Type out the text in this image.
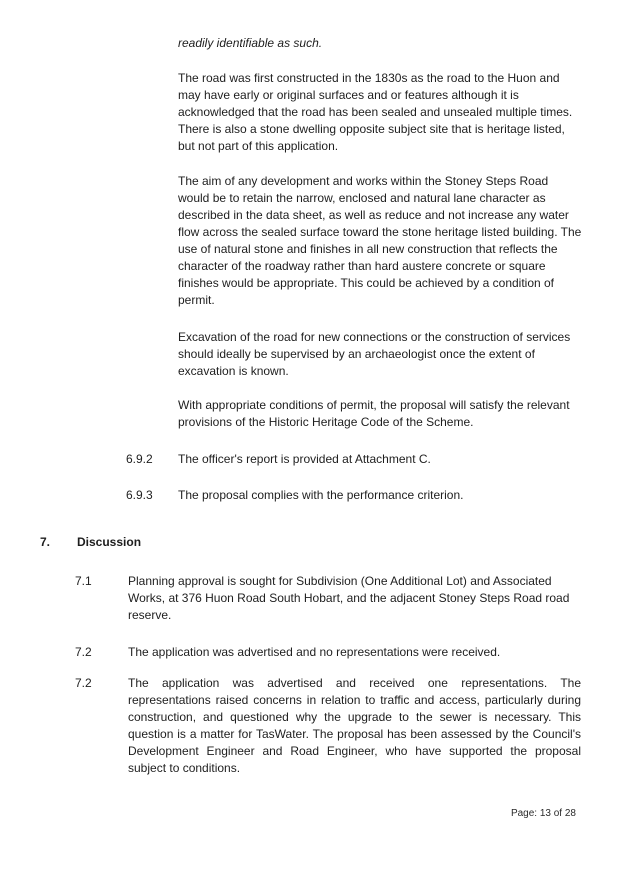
readily identifiable as such.
The road was first constructed in the 1830s as the road to the Huon and may have early or original surfaces and or features although it is acknowledged that the road has been sealed and unsealed multiple times. There is also a stone dwelling opposite subject site that is heritage listed, but not part of this application.
The aim of any development and works within the Stoney Steps Road would be to retain the narrow, enclosed and natural lane character as described in the data sheet, as well as reduce and not increase any water flow across the sealed surface toward the stone heritage listed building. The use of natural stone and finishes in all new construction that reflects the character of the roadway rather than hard austere concrete or square finishes would be appropriate. This could be achieved by a condition of permit.
Excavation of the road for new connections or the construction of services should ideally be supervised by an archaeologist once the extent of excavation is known.
With appropriate conditions of permit, the proposal will satisfy the relevant provisions of the Historic Heritage Code of the Scheme.
6.9.2	The officer's report is provided at Attachment C.
6.9.3	The proposal complies with the performance criterion.
7. Discussion
7.1	Planning approval is sought for Subdivision (One Additional Lot) and Associated Works, at 376 Huon Road South Hobart, and the adjacent Stoney Steps Road road reserve.
7.2	The application was advertised and no representations were received.
7.2	The application was advertised and received one representations. The representations raised concerns in relation to traffic and access, particularly during construction, and questioned why the upgrade to the sewer is necessary. This question is a matter for TasWater. The proposal has been assessed by the Council's Development Engineer and Road Engineer, who have supported the proposal subject to conditions.
Page: 13 of 28
